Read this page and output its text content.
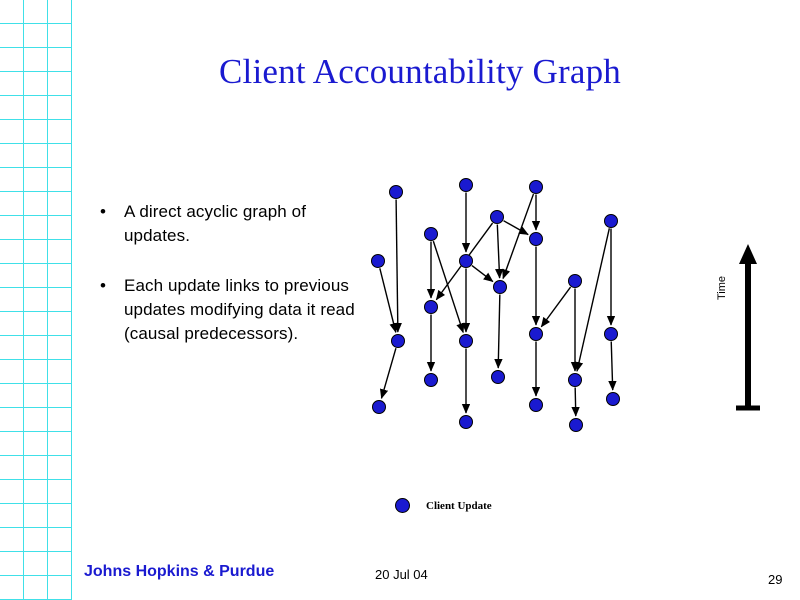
Client Accountability Graph
•	A direct acyclic graph of updates.
•	Each update links to previous updates modifying data it read (causal predecessors).
Client Update
Time
Johns Hopkins & Purdue	20 Jul 04	29
